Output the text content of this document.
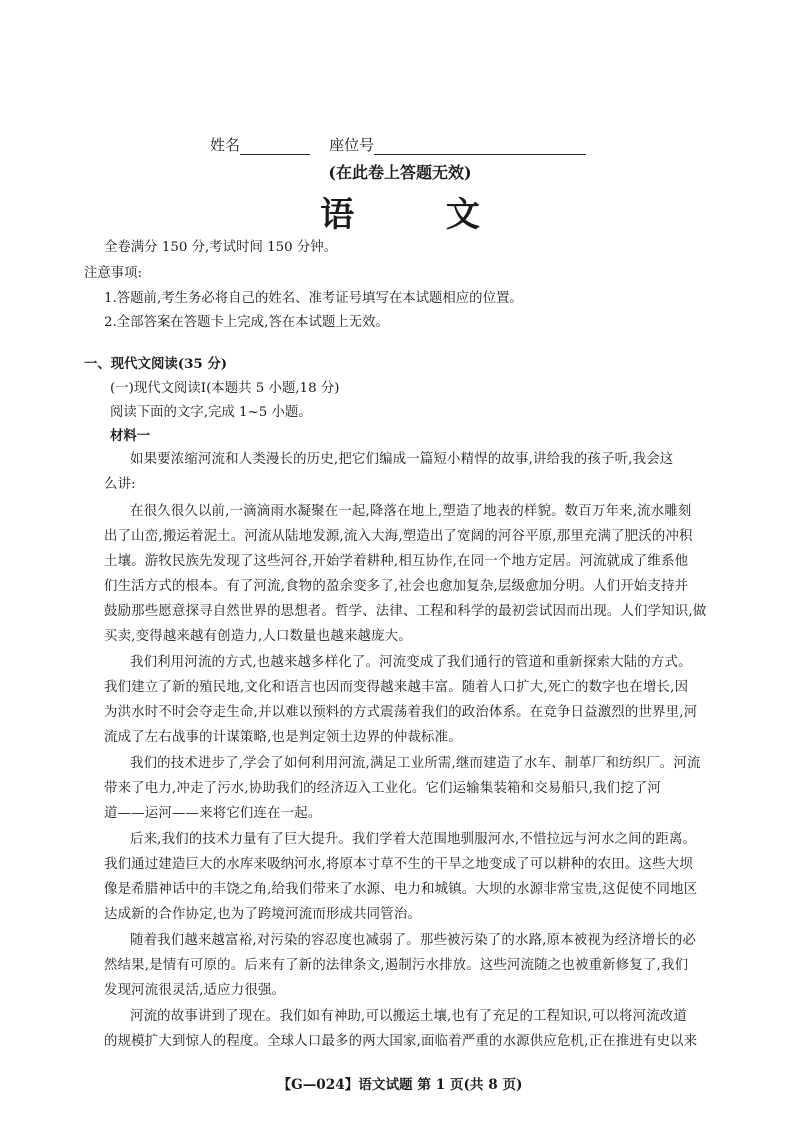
姓名	座位号
(在此卷上答题无效)
语 文
全卷满分 150 分,考试时间 150 分钟。
注意事项:
1.答题前,考生务必将自己的姓名、准考证号填写在本试题相应的位置。
2.全部答案在答题卡上完成,答在本试题上无效。
一、现代文阅读(35 分)
(一)现代文阅读Ⅰ(本题共 5 小题,18 分)
阅读下面的文字,完成 1~5 小题。
材料一
如果要浓缩河流和人类漫长的历史,把它们编成一篇短小精悍的故事,讲给我的孩子听,我会这
么讲:
在很久很久以前,一滴滴雨水凝聚在一起,降落在地上,塑造了地表的样貌。数百万年来,流水雕刻
出了山峦,搬运着泥土。河流从陆地发源,流入大海,塑造出了宽阔的河谷平原,那里充满了肥沃的冲积
土壤。游牧民族先发现了这些河谷,开始学着耕种,相互协作,在同一个地方定居。河流就成了维系他
们生活方式的根本。有了河流,食物的盈余变多了,社会也愈加复杂,层级愈加分明。人们开始支持并
鼓励那些愿意探寻自然世界的思想者。哲学、法律、工程和科学的最初尝试因而出现。人们学知识,做
买卖,变得越来越有创造力,人口数量也越来越庞大。
我们利用河流的方式,也越来越多样化了。河流变成了我们通行的管道和重新探索大陆的方式。
我们建立了新的殖民地,文化和语言也因而变得越来越丰富。随着人口扩大,死亡的数字也在增长,因
为洪水时不时会夺走生命,并以难以预料的方式震荡着我们的政治体系。在竞争日益激烈的世界里,河
流成了左右战事的计谋策略,也是判定领土边界的仲裁标准。
我们的技术进步了,学会了如何利用河流,满足工业所需,继而建造了水车、制革厂和纺织厂。河流
带来了电力,冲走了污水,协助我们的经济迈入工业化。它们运输集装箱和交易船只,我们挖了河
道——运河——来将它们连在一起。
后来,我们的技术力量有了巨大提升。我们学着大范围地驯服河水,不惜拉远与河水之间的距离。
我们通过建造巨大的水库来吸纳河水,将原本寸草不生的干旱之地变成了可以耕种的农田。这些大坝
像是希腊神话中的丰饶之角,给我们带来了水源、电力和城镇。大坝的水源非常宝贵,这促使不同地区
达成新的合作协定,也为了跨境河流而形成共同管治。
随着我们越来越富裕,对污染的容忍度也减弱了。那些被污染了的水路,原本被视为经济增长的必
然结果,是情有可原的。后来有了新的法律条文,遏制污水排放。这些河流随之也被重新修复了,我们
发现河流很灵活,适应力很强。
河流的故事讲到了现在。我们如有神助,可以搬运土壤,也有了充足的工程知识,可以将河流改道
的规模扩大到惊人的程度。全球人口最多的两大国家,面临着严重的水源供应危机,正在推进有史以来
【G—024】语文试题 第 1 页(共 8 页)
